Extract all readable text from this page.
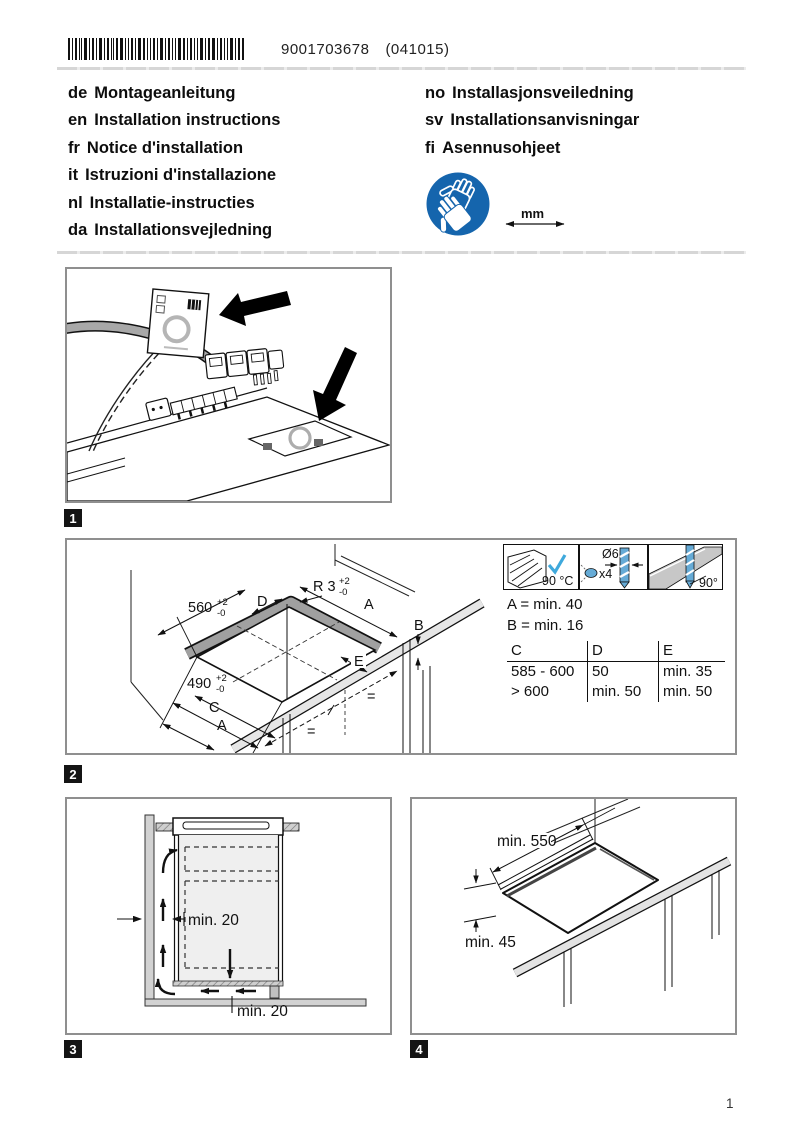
9001703678 (041015)
de Montageanleitung
en Installation instructions
fr Notice d'installation
it Istruzioni d'installazione
nl Installatie-instructies
da Installationsvejledning
no Installasjonsveiledning
sv Installationsanvisningar
fi Asennusohjeet
mm
1
560 +2
-0
D
R 3 +2
-0
A
B
E
490 +2
-0
C
A	=
=
90 °C
Ø6
x4
90°
A = min. 40
B = min. 16
C	D	E
585 - 600	50	min. 35
> 600	min. 50	min. 50
2
min. 20
min. 20
min. 550
min. 45
3	4
1
